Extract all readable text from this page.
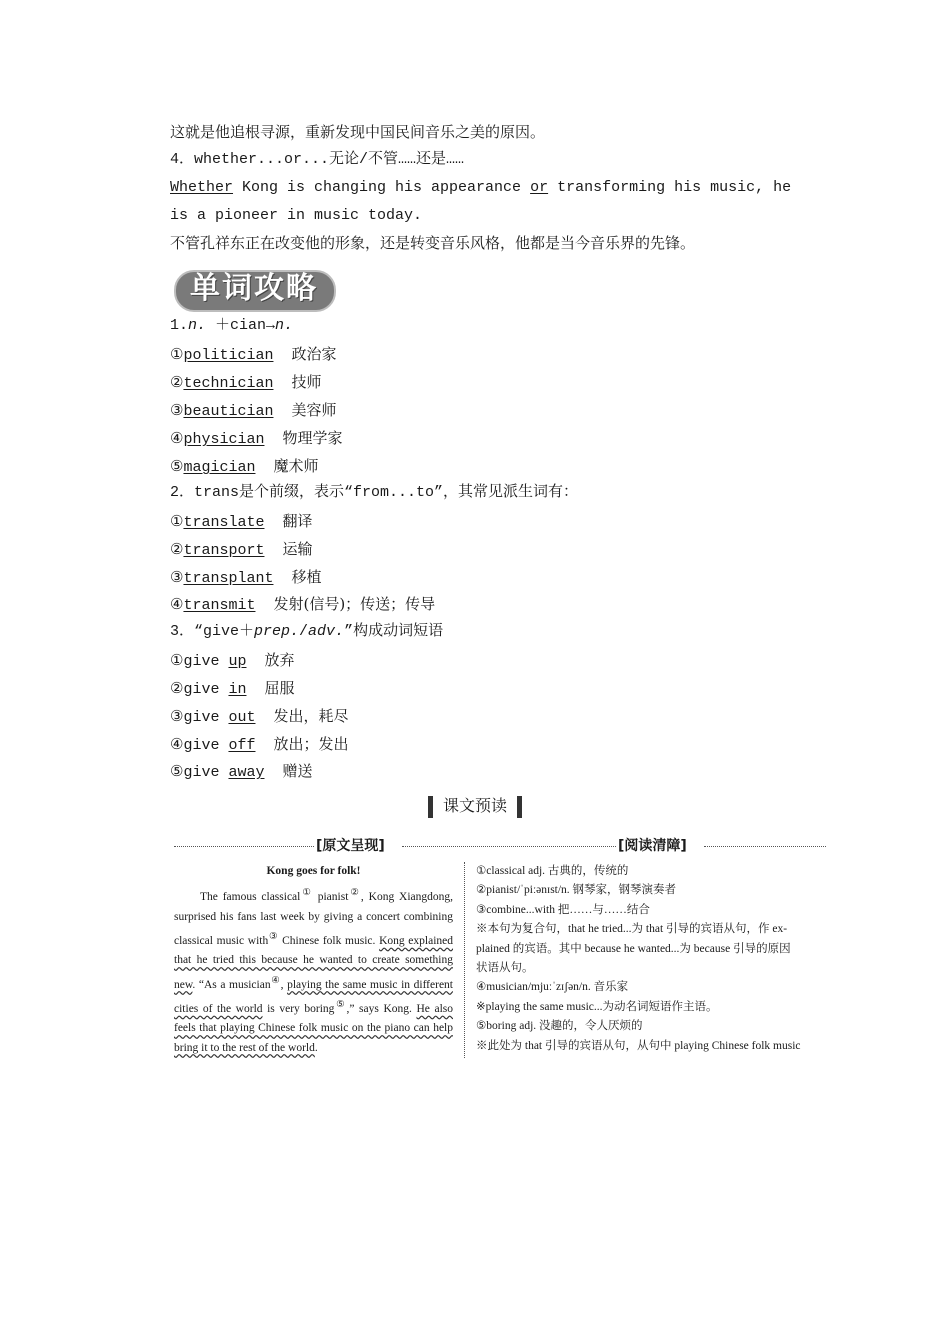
这就是他追根寻源，重新发现中国民间音乐之美的原因。
4．whether...or...无论/不管……还是……
Whether Kong is changing his appearance or transforming his music, he is a pioneer in music today.
不管孔祥东正在改变他的形象，还是转变音乐风格，他都是当今音乐界的先锋。
单词攻略
1.n. ＋cian→n.
①politician 政治家
②technician 技师
③beautician 美容师
④physician 物理学家
⑤magician 魔术师
2．trans是个前缀，表示“from...to”，其常见派生词有：
①translate 翻译
②transport 运输
③transplant 移植
④transmit 发射(信号)；传送；传导
3．“give＋prep./adv.”构成动词短语
①give up 放弃
②give in 屈服
③give out 发出，耗尽
④give off 放出；发出
⑤give away 赠送
课文预读
[原文呈现]	[阅读清障]
Kong goes for folk!
The famous classical① pianist②, Kong Xiangdong, surprised his fans last week by giving a concert combining classical music with③ Chinese folk music. Kong explained that he tried this because he wanted to create something new. “As a musician④, playing the same music in different cities of the world is very boring⑤,” says Kong. He also feels that playing Chinese folk music on the piano can help bring it to the rest of the world.
①classical adj. 古典的，传统的
②pianist/ˈpiːənɪst/n. 钢琴家，钢琴演奏者
③combine...with 把……与……结合
※本句为复合句，that he tried...为 that 引导的宾语从句，作 ex-
plained 的宾语。其中 because he wanted...为 because 引导的原因
状语从句。
④musician/mjuːˈzɪʃən/n. 音乐家
※playing the same music...为动名词短语作主语。
⑤boring adj. 没趣的，令人厌烦的
※此处为 that 引导的宾语从句，从句中 playing Chinese folk music
